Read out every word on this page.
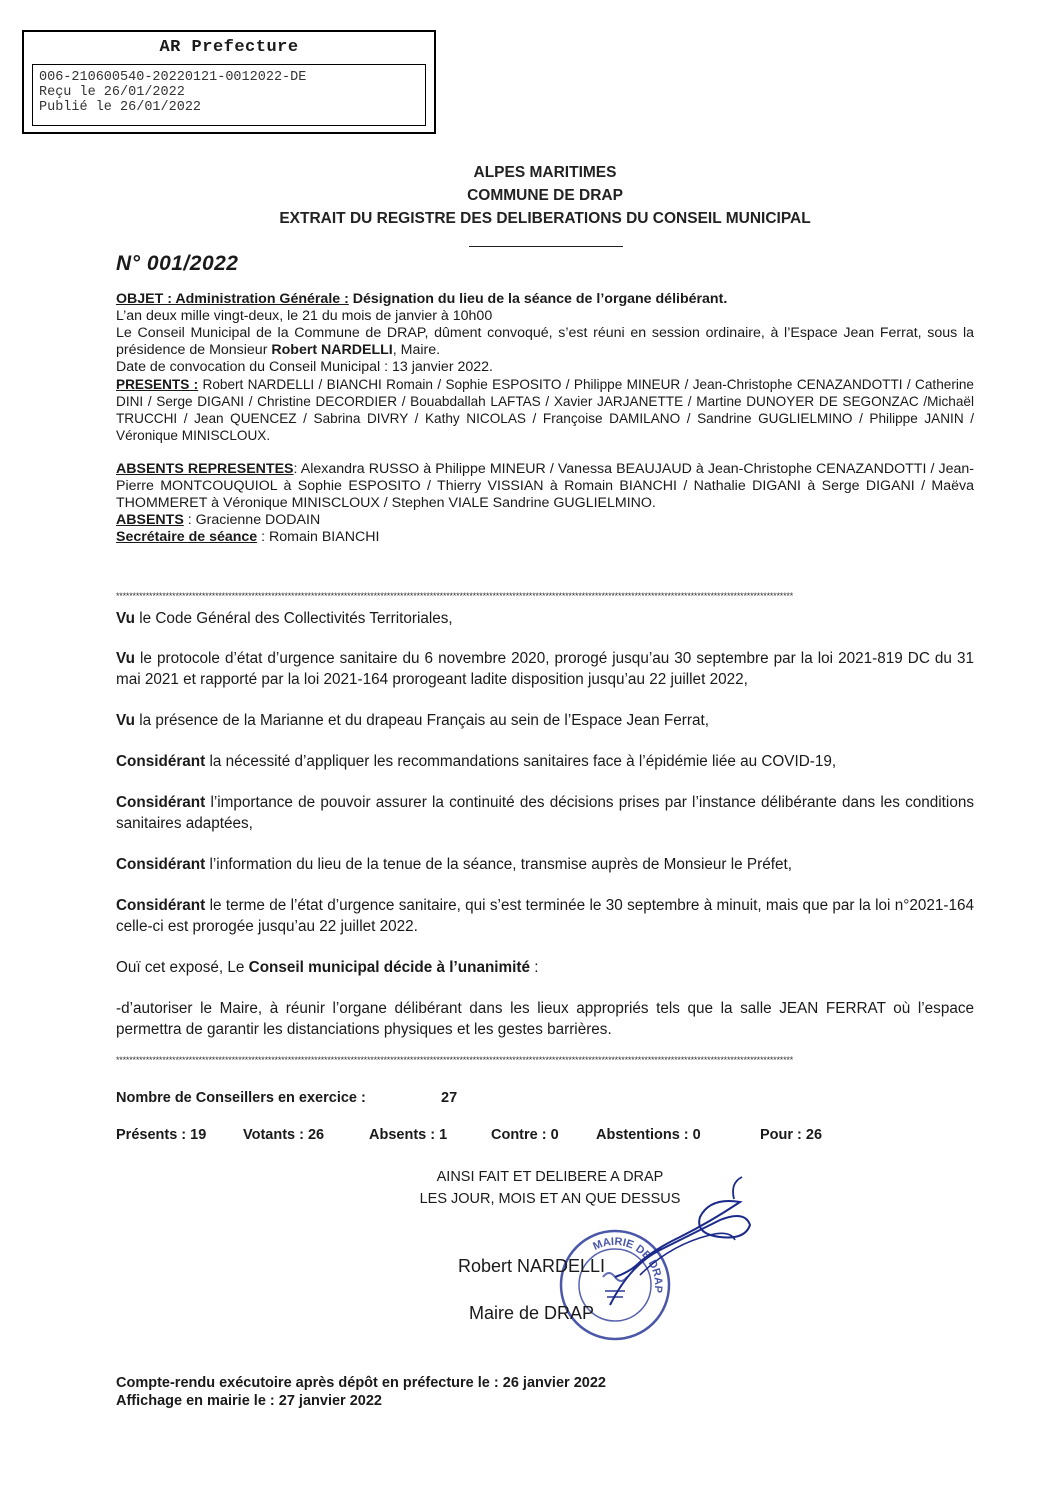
AR Prefecture
006-210600540-20220121-0012022-DE
Reçu le 26/01/2022
Publié le 26/01/2022
ALPES MARITIMES
COMMUNE DE DRAP
EXTRAIT DU REGISTRE DES DELIBERATIONS DU CONSEIL MUNICIPAL
N° 001/2022

OBJET : Administration Générale : Désignation du lieu de la séance de l’organe délibérant.

L’an deux mille vingt-deux, le 21 du mois de janvier à 10h00

Le Conseil Municipal de la Commune de DRAP, dûment convoqué, s’est réuni en session ordinaire, à l’Espace Jean Ferrat, sous la présidence de Monsieur Robert NARDELLI, Maire.

Date de convocation du Conseil Municipal : 13 janvier 2022.

PRESENTS : Robert NARDELLI / BIANCHI Romain / Sophie ESPOSITO / Philippe MINEUR / Jean-Christophe CENAZANDOTTI / Catherine DINI / Serge DIGANI / Christine DECORDIER / Bouabdallah LAFTAS / Xavier JARJANETTE / Martine DUNOYER DE SEGONZAC /Michaël TRUCCHI / Jean QUENCEZ / Sabrina DIVRY / Kathy NICOLAS / Françoise DAMILANO / Sandrine GUGLIELMINO / Philippe JANIN / Véronique MINISCLOUX.

ABSENTS REPRESENTES: Alexandra RUSSO à Philippe MINEUR / Vanessa BEAUJAUD à Jean-Christophe CENAZANDOTTI / Jean-Pierre MONTCOUQUIOL à Sophie ESPOSITO / Thierry VISSIAN à Romain BIANCHI / Nathalie DIGANI à Serge DIGANI / Maëva THOMMERET à Véronique MINISCLOUX / Stephen VIALE Sandrine GUGLIELMINO.

ABSENTS : Gracienne DODAIN

Secrétaire de séance : Romain BIANCHI

*************************************************************************************************************************************************************************************************************

Vu le Code Général des Collectivités Territoriales,

Vu le protocole d’état d’urgence sanitaire du 6 novembre 2020, prorogé jusqu’au 30 septembre par la loi 2021-819 DC du 31 mai 2021 et rapporté par la loi 2021-164 prorogeant ladite disposition jusqu’au 22 juillet 2022,

Vu la présence de la Marianne et du drapeau Français au sein de l’Espace Jean Ferrat,

Considérant la nécessité d’appliquer les recommandations sanitaires face à l’épidémie liée au COVID-19,

Considérant l’importance de pouvoir assurer la continuité des décisions prises par l’instance délibérante dans les conditions sanitaires adaptées,

Considérant l’information du lieu de la tenue de la séance, transmise auprès de Monsieur le Préfet,

Considérant le terme de l’état d’urgence sanitaire, qui s’est terminée le 30 septembre à minuit, mais que par la loi n°2021-164 celle-ci est prorogée jusqu’au 22 juillet 2022.

Ouï cet exposé, Le Conseil municipal décide à l’unanimité :

-d’autoriser le Maire, à réunir l’organe délibérant dans les lieux appropriés tels que la salle JEAN FERRAT où l’espace permettra de garantir les distanciations physiques et les gestes barrières.

*************************************************************************************************************************************************************************************************************
Nombre de Conseillers en exercice :	27
Présents : 19	Votants : 26	Absents : 1	Contre : 0	Abstentions : 0	Pour : 26
AINSI FAIT ET DELIBERE A DRAP
LES JOUR, MOIS ET AN QUE DESSUS
MAIRIE DE DRAP
Robert NARDELLI
Maire de DRAP
Compte-rendu exécutoire après dépôt en préfecture le : 26 janvier 2022
Affichage en mairie le : 27 janvier 2022
